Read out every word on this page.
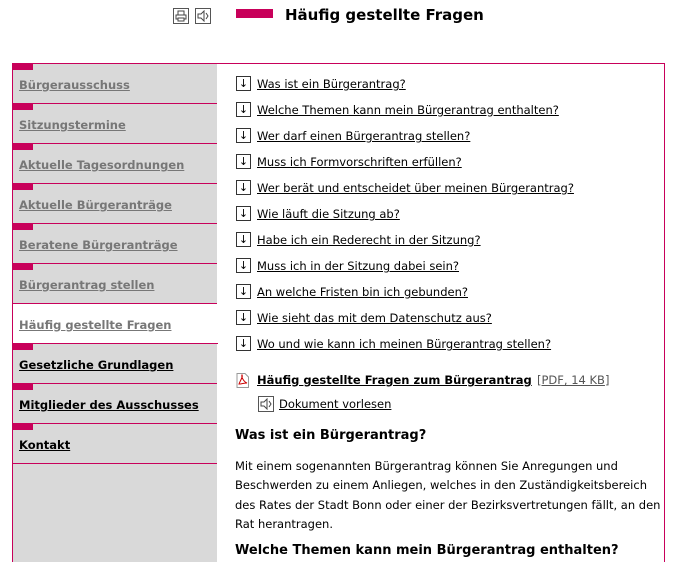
Häufig gestellte Fragen
Bürgerausschuss
Sitzungstermine
Aktuelle Tagesordnungen
Aktuelle Bürgeranträge
Beratene Bürgeranträge
Bürgerantrag stellen
Häufig gestellte Fragen
Gesetzliche Grundlagen
Mitglieder des Ausschusses
Kontakt
↓ Was ist ein Bürgerantrag?
↓ Welche Themen kann mein Bürgerantrag enthalten?
↓ Wer darf einen Bürgerantrag stellen?
↓ Muss ich Formvorschriften erfüllen?
↓ Wer berät und entscheidet über meinen Bürgerantrag?
↓ Wie läuft die Sitzung ab?
↓ Habe ich ein Rederecht in der Sitzung?
↓ Muss ich in der Sitzung dabei sein?
↓ An welche Fristen bin ich gebunden?
↓ Wie sieht das mit dem Datenschutz aus?
↓ Wo und wie kann ich meinen Bürgerantrag stellen?
Häufig gestellte Fragen zum Bürgerantrag [PDF, 14 KB]
Dokument vorlesen
Was ist ein Bürgerantrag?

Mit einem sogenannten Bürgerantrag können Sie Anregungen und Beschwerden zu einem Anliegen, welches in den Zuständigkeitsbereich des Rates der Stadt Bonn oder einer der Bezirksvertretungen fällt, an den Rat herantragen.

Welche Themen kann mein Bürgerantrag enthalten?
